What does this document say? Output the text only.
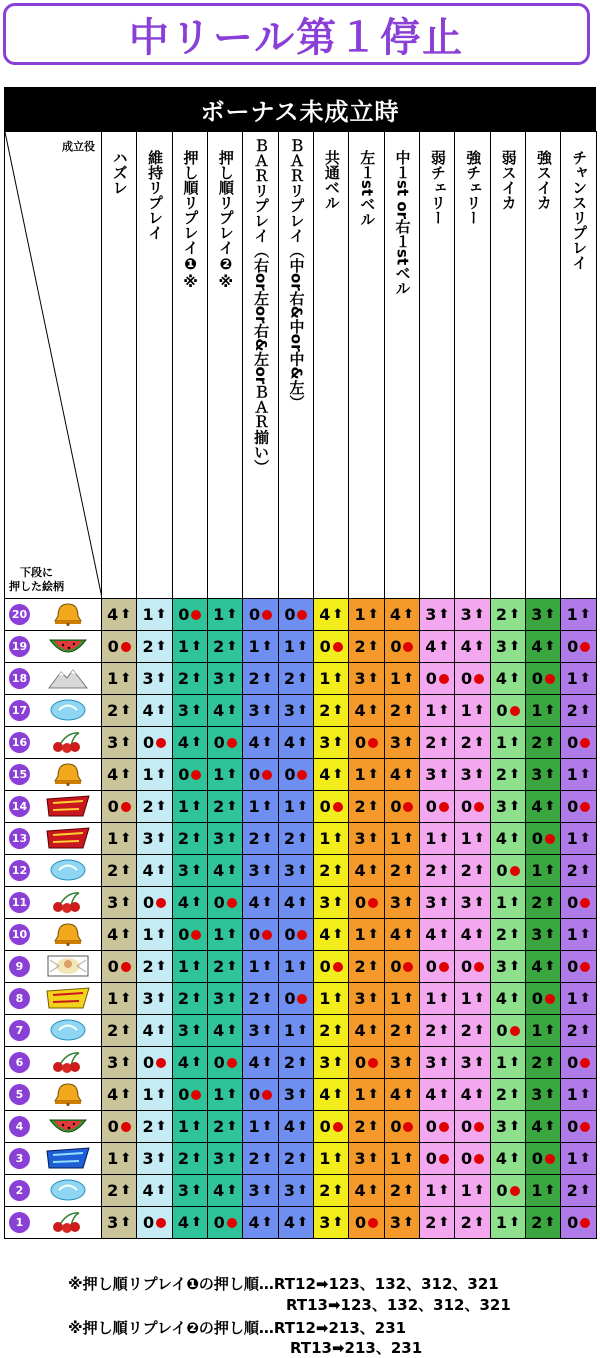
中リール第１停止
ボーナス未成立時
成立役
下段に
押した絵柄	ハズレ	維持リプレイ	押し順リプレイ❶※	押し順リプレイ❷※	ＢＡＲリプレイ（右or左or右&左orＢＡＲ揃い）	ＢＡＲリプレイ（中or右&中or中&左）	共通ベル	左１stベル	中１st or右１stベル	弱チェリー	強チェリー	弱スイカ	強スイカ	チャンスリプレイ

20	4 ⬆	1 ⬆	0	1 ⬆	0	0	4 ⬆	1 ⬆	4 ⬆	3 ⬆	3 ⬆	2 ⬆	3 ⬆	1 ⬆

19	0	2 ⬆	1 ⬆	2 ⬆	1 ⬆	1 ⬆	0	2 ⬆	0	4 ⬆	4 ⬆	3 ⬆	4 ⬆	0

18	1 ⬆	3 ⬆	2 ⬆	3 ⬆	2 ⬆	2 ⬆	1 ⬆	3 ⬆	1 ⬆	0	0	4 ⬆	0	1 ⬆

17	2 ⬆	4 ⬆	3 ⬆	4 ⬆	3 ⬆	3 ⬆	2 ⬆	4 ⬆	2 ⬆	1 ⬆	1 ⬆	0	1 ⬆	2 ⬆

16	3 ⬆	0	4 ⬆	0	4 ⬆	4 ⬆	3 ⬆	0	3 ⬆	2 ⬆	2 ⬆	1 ⬆	2 ⬆	0

15	4 ⬆	1 ⬆	0	1 ⬆	0	0	4 ⬆	1 ⬆	4 ⬆	3 ⬆	3 ⬆	2 ⬆	3 ⬆	1 ⬆

14	0	2 ⬆	1 ⬆	2 ⬆	1 ⬆	1 ⬆	0	2 ⬆	0	0	0	3 ⬆	4 ⬆	0

13	1 ⬆	3 ⬆	2 ⬆	3 ⬆	2 ⬆	2 ⬆	1 ⬆	3 ⬆	1 ⬆	1 ⬆	1 ⬆	4 ⬆	0	1 ⬆

12	2 ⬆	4 ⬆	3 ⬆	4 ⬆	3 ⬆	3 ⬆	2 ⬆	4 ⬆	2 ⬆	2 ⬆	2 ⬆	0	1 ⬆	2 ⬆

11	3 ⬆	0	4 ⬆	0	4 ⬆	4 ⬆	3 ⬆	0	3 ⬆	3 ⬆	3 ⬆	1 ⬆	2 ⬆	0

10	4 ⬆	1 ⬆	0	1 ⬆	0	0	4 ⬆	1 ⬆	4 ⬆	4 ⬆	4 ⬆	2 ⬆	3 ⬆	1 ⬆

9	0	2 ⬆	1 ⬆	2 ⬆	1 ⬆	1 ⬆	0	2 ⬆	0	0	0	3 ⬆	4 ⬆	0

8	1 ⬆	3 ⬆	2 ⬆	3 ⬆	2 ⬆	0	1 ⬆	3 ⬆	1 ⬆	1 ⬆	1 ⬆	4 ⬆	0	1 ⬆

7	2 ⬆	4 ⬆	3 ⬆	4 ⬆	3 ⬆	1 ⬆	2 ⬆	4 ⬆	2 ⬆	2 ⬆	2 ⬆	0	1 ⬆	2 ⬆

6	3 ⬆	0	4 ⬆	0	4 ⬆	2 ⬆	3 ⬆	0	3 ⬆	3 ⬆	3 ⬆	1 ⬆	2 ⬆	0

5	4 ⬆	1 ⬆	0	1 ⬆	0	3 ⬆	4 ⬆	1 ⬆	4 ⬆	4 ⬆	4 ⬆	2 ⬆	3 ⬆	1 ⬆

4	0	2 ⬆	1 ⬆	2 ⬆	1 ⬆	4 ⬆	0	2 ⬆	0	0	0	3 ⬆	4 ⬆	0

3	1 ⬆	3 ⬆	2 ⬆	3 ⬆	2 ⬆	2 ⬆	1 ⬆	3 ⬆	1 ⬆	0	0	4 ⬆	0	1 ⬆

2	2 ⬆	4 ⬆	3 ⬆	4 ⬆	3 ⬆	3 ⬆	2 ⬆	4 ⬆	2 ⬆	1 ⬆	1 ⬆	0	1 ⬆	2 ⬆

1	3 ⬆	0	4 ⬆	0	4 ⬆	4 ⬆	3 ⬆	0	3 ⬆	2 ⬆	2 ⬆	1 ⬆	2 ⬆	0
※押し順リプレイ❶の押し順…RT12➡123、132、312、321
RT13➡123、132、312、321
※押し順リプレイ❷の押し順…RT12➡213、231
RT13➡213、231
